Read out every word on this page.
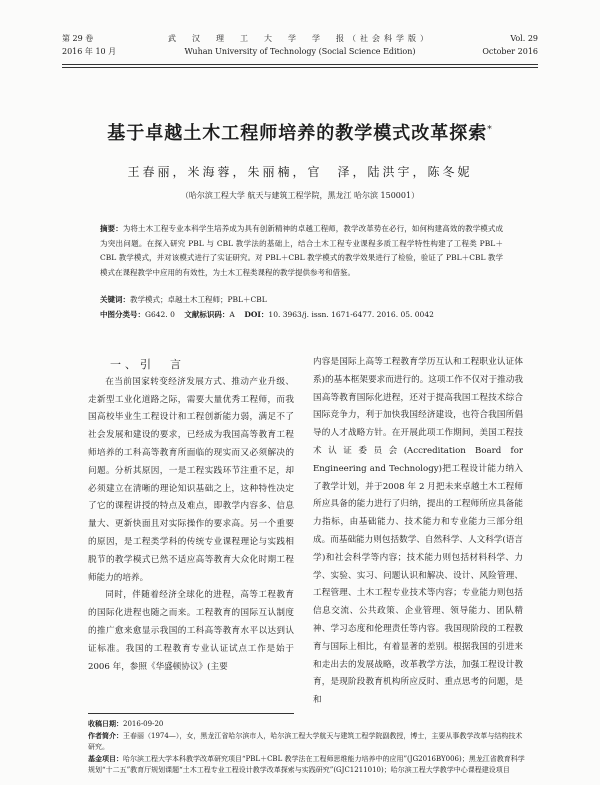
第 29 卷
2016 年 10 月
武　汉　理　工　大　学　学　报（社会科学版）
Wuhan University of Technology (Social Science Edition)
Vol. 29
October 2016
基于卓越土木工程师培养的教学模式改革探索*
王春丽，米海蓉，朱丽楠，官　泽，陆洪宇，陈冬妮
（哈尔滨工程大学 航天与建筑工程学院，黑龙江 哈尔滨 150001）
摘要：为将土木工程专业本科学生培养成为具有创新精神的卓越工程师，教学改革势在必行，如何构建高效的教学模式成为突出问题。在探入研究 PBL 与 CBL 教学法的基础上，结合土木工程专业课程多质工程学特性构建了工程类 PBL＋CBL 教学模式，并对该模式进行了实证研究。对 PBL＋CBL 教学模式的教学效果进行了检验，验证了 PBL＋CBL 教学模式在课程教学中应用的有效性，为土木工程类课程的教学提供参考和借鉴。
关键词：教学模式；卓越土木工程师；PBL＋CBL
中图分类号：G642. 0 文献标识码：A DOI：10. 3963/j. issn. 1671-6477. 2016. 05. 0042

一、引　言

在当前国家转变经济发展方式、推动产业升级、走新型工业化道路之际，需要大量优秀工程师，而我国高校毕业生工程设计和工程创新能力弱，满足不了社会发展和建设的要求，已经成为我国高等教育工程师培养的工科高等教育所面临的现实而又必须解决的问题。分析其原因，一是工程实践环节注重不足，却必须建立在清晰的理论知识基础之上，这种特性决定了它的课程讲授的特点及难点，即教学内容多、信息量大、更新快面且对实际操作的要求高。另一个重要的原因，是工程类学科的传统专业课程理论与实践相脱节的教学模式已然不适应高等教育大众化时期工程师能力的培养。

同时，伴随着经济全球化的进程，高等工程教育的国际化进程也随之而来。工程教育的国际互认制度的推广愈来愈显示我国的工科高等教育水平以达到认证标准。我国的工程教育专业认证试点工作是始于 2006 年，参照《华盛顿协议》(主要

内容是国际上高等工程教育学历互认和工程职业认证体系)的基本框架要求而进行的。这项工作不仅对于推动我国高等教育国际化进程，还对于提高我国工程技术综合国际竞争力，利于加快我国经济建设，也符合我国所倡导的人才战略方针。在开展此项工作期间，美国工程技术认证委员会(Accreditation Board for Engineering and Technology)把工程设计能力纳入了教学计划，并于2008 年 2 月把未来卓越土木工程师所应具备的能力进行了归纳，提出的工程师所应具备能力指标，由基础能力、技术能力和专业能力三部分组成。而基础能力则包括数学、自然科学、人文科学(语言学)和社会科学等内容；技术能力则包括材料科学、力学、实验、实习、问题认识和解决、设计、风险管理、工程管理、土木工程专业技术等内容；专业能力则包括信息交流、公共政策、企业管理、领导能力、团队精神、学习态度和伦理责任等内容。我国现阶段的工程教育与国际上相比，有着显著的差别。根据我国的引进来和走出去的发展战略，改革教学方法，加强工程设计教育，是现阶段教育机构所应反时、重点思考的问题，是和

收稿日期：2016-09-20
作者简介：王春丽（1974—），女，黑龙江省哈尔滨市人，哈尔滨工程大学航天与建筑工程学院副教授，博士，主要从事教学改革与结构技术研究。
基金项目：哈尔滨工程大学本科教学改革研究项目“PBL＋CBL 教学法在工程师思维能力培养中的应用”(JG2016BY006)；黑龙江省教育科学规划“十二五”教育厅规划课题“土木工程专业工程设计教学改革探索与实践研究”(GJC1211010)；哈尔滨工程大学教学中心课程建设项目
